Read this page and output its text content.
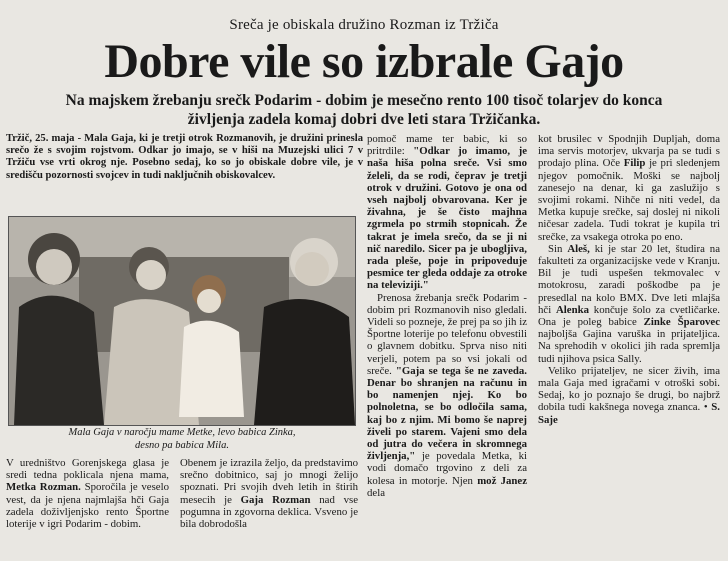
Sreča je obiskala družino Rozman iz Tržiča
Dobre vile so izbrale Gajo
Na majskem žrebanju srečk Podarim - dobim je mesečno rento 100 tisoč tolarjev do konca
življenja zadela komaj dobri dve leti stara Tržičanka.

Tržič, 25. maja - Mala Gaja, ki je tretji otrok Rozmanovih, je družini prinesla srečo že s svojim rojstvom. Odkar jo imajo, se v hiši na Muzejski ulici 7 v Tržiču vse vrti okrog nje. Posebno sedaj, ko so jo obiskale dobre vile, je v središču pozornosti svojcev in tudi naključnih obiskovalcev.

Mala Gaja v naročju mame Metke, levo babica Zinka,
desno pa babica Mila.

V uredništvo Gorenjskega glasa je sredi tedna poklicala njena mama, Metka Rozman. Sporočila je veselo vest, da je njena najmlajša hči Gaja zadela doživljenjsko rento Športne loterije v igri Podarim - dobim.

Obenem je izrazila željo, da predstavimo srečno dobitnico, saj jo mnogi želijo spoznati. Pri svojih dveh letih in štirih mesecih je Gaja Rozman nad vse pogumna in zgovorna deklica. Vsveno je bila dobrodošla

pomoč mame ter babic, ki so pritrdile: "Odkar jo imamo, je naša hiša polna sreče. Vsi smo želeli, da se rodi, čeprav je tretji otrok v družini. Gotovo je ona od vseh najbolj obvarovana. Ker je živahna, je še čisto majhna zgrmela po strmih stopnicah. Že takrat je imela srečo, da se ji ni nič naredilo. Sicer pa je ubogljiva, rada pleše, poje in pripoveduje pesmice ter gleda oddaje za otroke na televiziji."

Prenosa žrebanja srečk Podarim - dobim pri Rozmanovih niso gledali. Videli so pozneje, že prej pa so jih iz Športne loterije po telefonu obvestili o glavnem dobitku. Sprva niso niti verjeli, potem pa so vsi jokali od sreče. "Gaja se tega še ne zaveda. Denar bo shranjen na računu in bo namenjen njej. Ko bo polnoletna, se bo odločila sama, kaj bo z njim. Mi bomo še naprej živeli po starem. Vajeni smo dela od jutra do večera in skromnega življenja," je povedala Metka, ki vodi domačo trgovino z deli za kolesa in motorje. Njen mož Janez dela

kot brusilec v Spodnjih Dupljah, doma ima servis motorjev, ukvarja pa se tudi s prodajo plina. Oče Filip je pri sledenjem njegov pomočnik. Moški se najbolj zanesejo na denar, ki ga zaslužijo s svojimi rokami. Nihče ni niti vedel, da Metka kupuje srečke, saj doslej ni nikoli ničesar zadela. Tudi tokrat je kupila tri srečke, za vsakega otroka po eno.

Sin Aleš, ki je star 20 let, študira na fakulteti za organizacijske vede v Kranju. Bil je tudi uspešen tekmovalec v motokrosu, zaradi poškodbe pa je presedlal na kolo BMX. Dve leti mlajša hči Alenka končuje šolo za cvetličarke. Ona je poleg babice Zinke Šparovec najboljša Gajina varuška in prijateljica. Na sprehodih v okolici jih rada spremlja tudi njihova psica Sally.

Veliko prijateljev, ne sicer živih, ima mala Gaja med igračami v otroški sobi. Sedaj, ko jo poznajo še drugi, bo najbrž dobila tudi kakšnega novega znanca. • S. Saje
